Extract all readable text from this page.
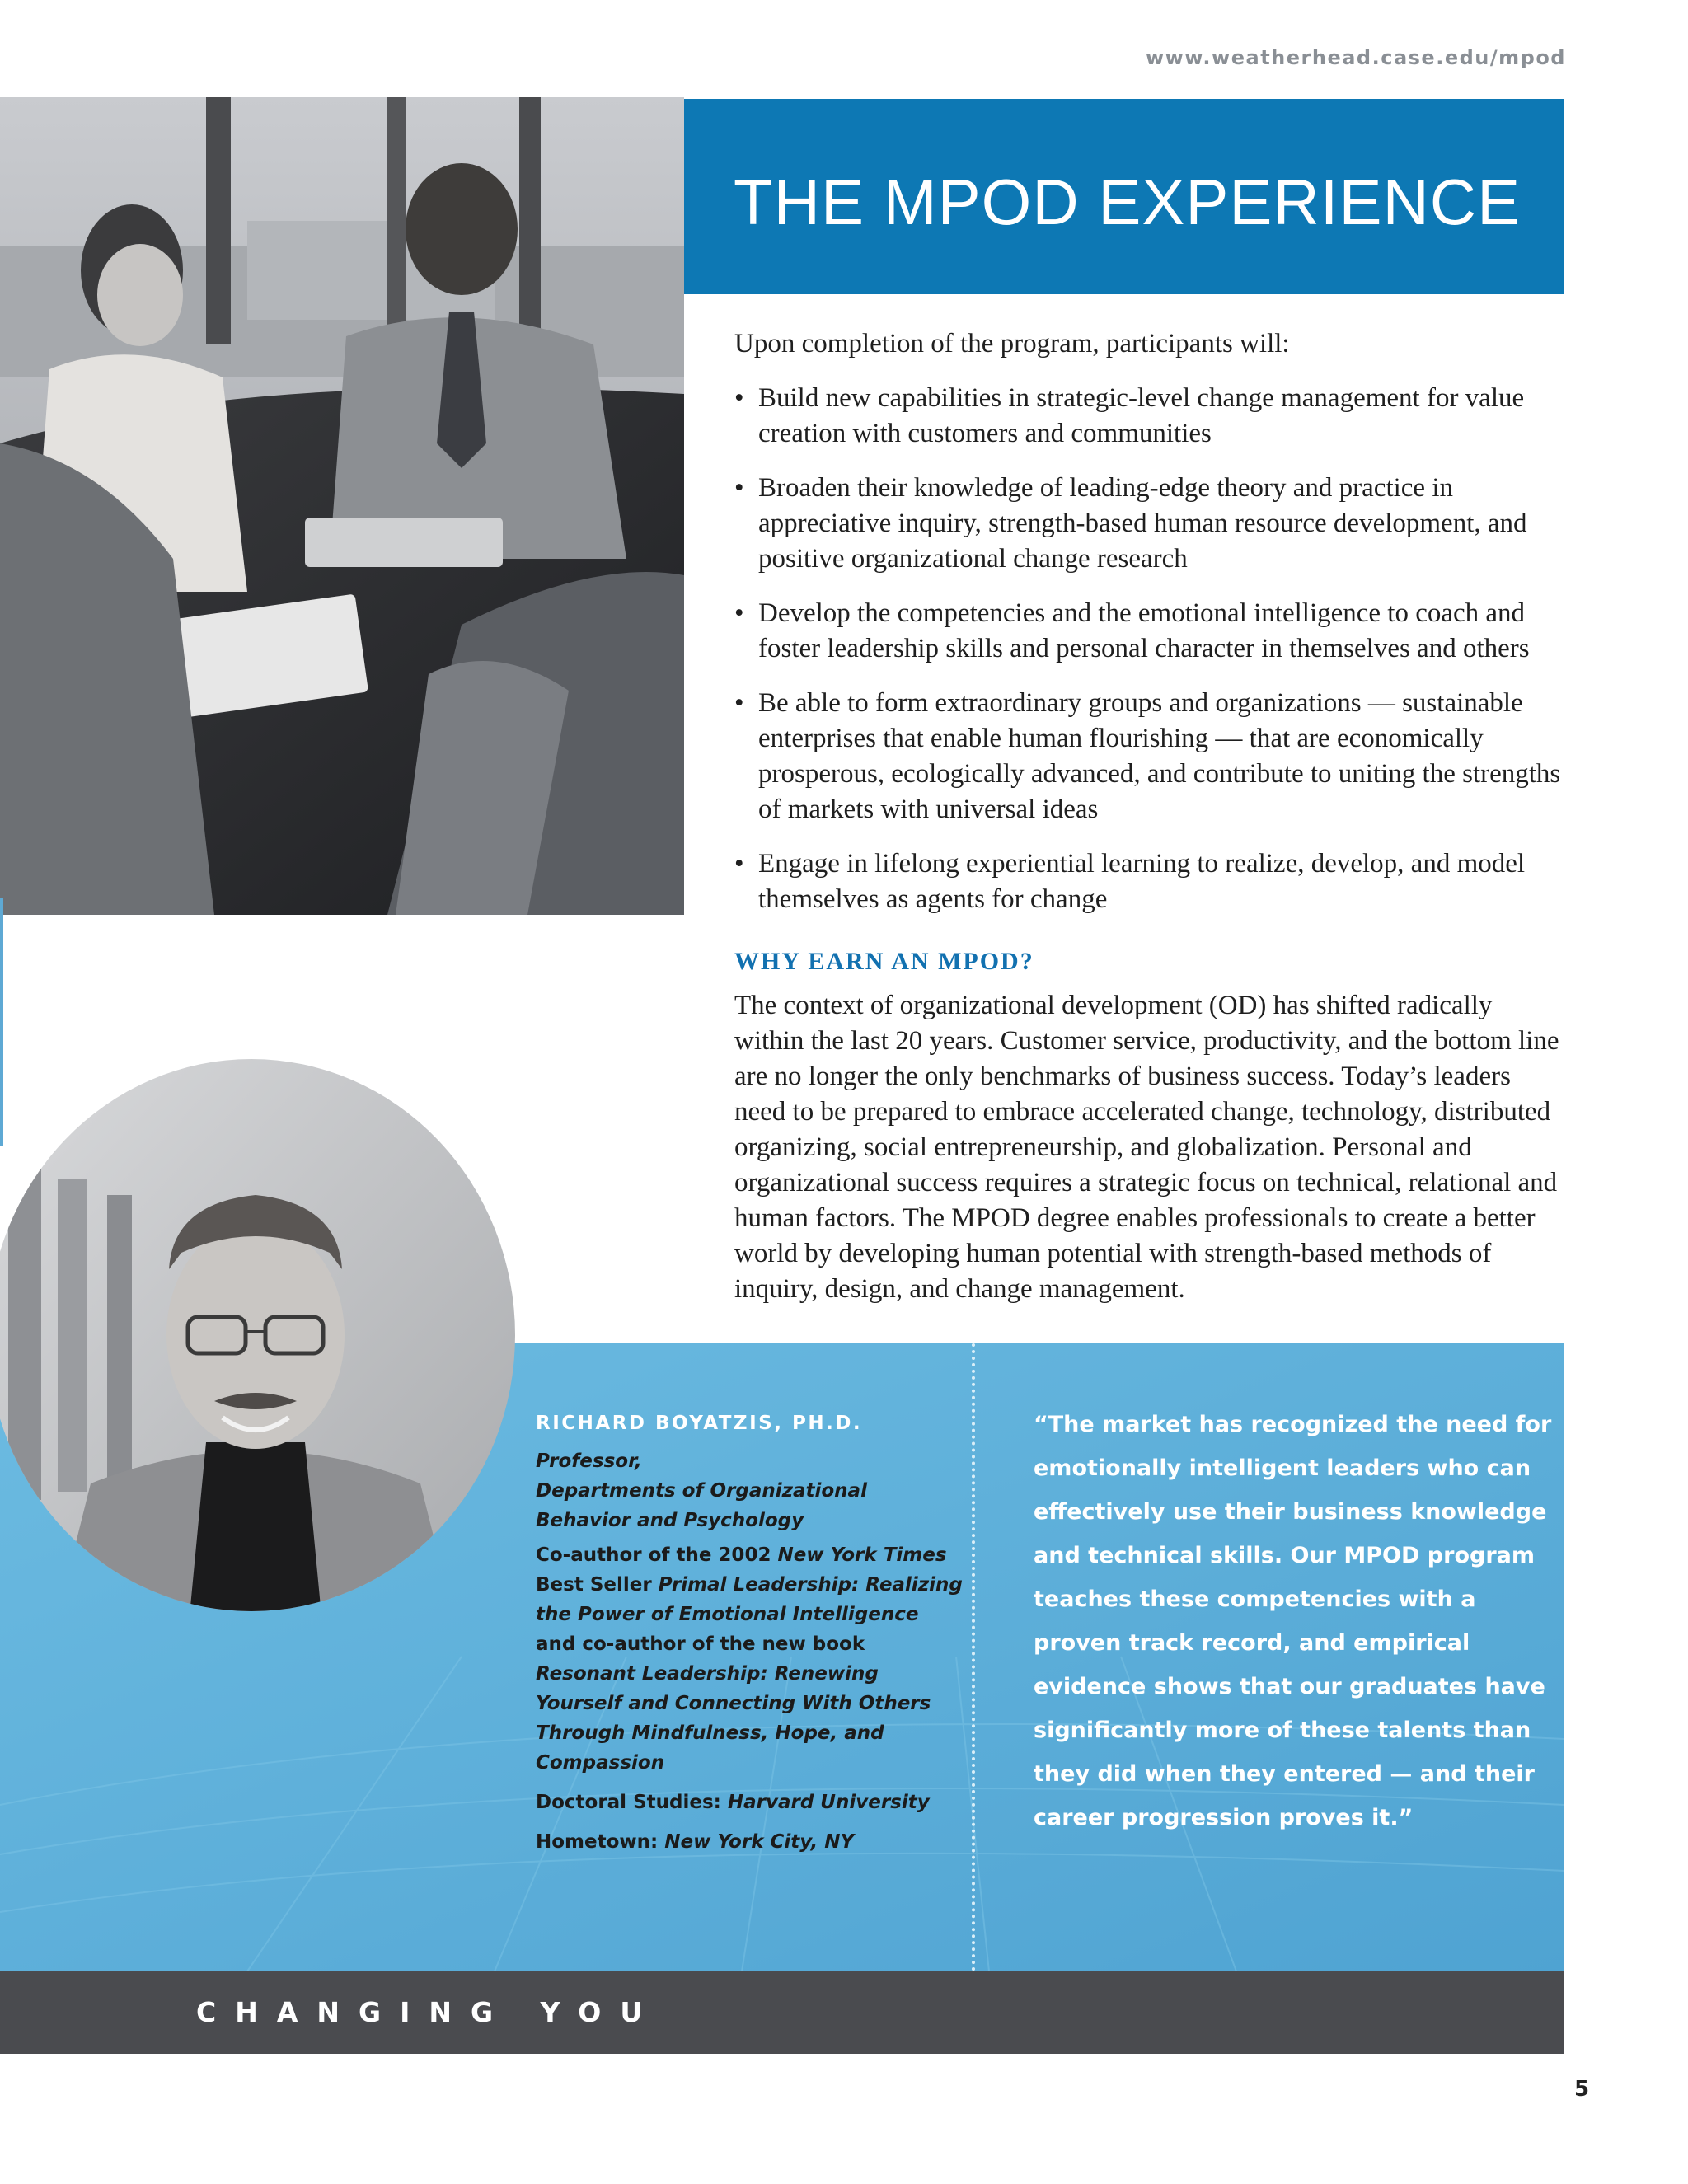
www.weatherhead.case.edu/mpod
THE MPOD EXPERIENCE
Upon completion of the program, participants will:
• Build new capabilities in strategic-level change management for value creation with customers and communities
• Broaden their knowledge of leading-edge theory and practice in appreciative inquiry, strength-based human resource development, and positive organizational change research
• Develop the competencies and the emotional intelligence to coach and foster leadership skills and personal character in themselves and others
• Be able to form extraordinary groups and organizations — sustainable enterprises that enable human flourishing — that are economically prosperous, ecologically advanced, and contribute to uniting the strengths of markets with universal ideas
• Engage in lifelong experiential learning to realize, develop, and model themselves as agents for change
WHY EARN AN MPOD?
The context of organizational development (OD) has shifted radically within the last 20 years. Customer service, productivity, and the bottom line are no longer the only benchmarks of business success. Today’s leaders need to be prepared to embrace accelerated change, technology, distributed organizing, social entrepreneurship, and globalization. Personal and organizational success requires a strategic focus on technical, relational and human factors. The MPOD degree enables professionals to create a better world by developing human potential with strength-based methods of inquiry, design, and change management.
RICHARD BOYATZIS, PH.D.
Professor,
Departments of Organizational
Behavior and Psychology
Co-author of the 2002 New York Times Best Seller Primal Leadership: Realizing the Power of Emotional Intelligence and co-author of the new book Resonant Leadership: Renewing Yourself and Connecting With Others Through Mindfulness, Hope, and Compassion
Doctoral Studies: Harvard University
Hometown: New York City, NY
“The market has recognized the need for emotionally intelligent leaders who can effectively use their business knowledge and technical skills. Our MPOD program teaches these competencies with a proven track record, and empirical evidence shows that our graduates have significantly more of these talents than they did when they entered — and their career progression proves it.”
CHANGING YOU
5
